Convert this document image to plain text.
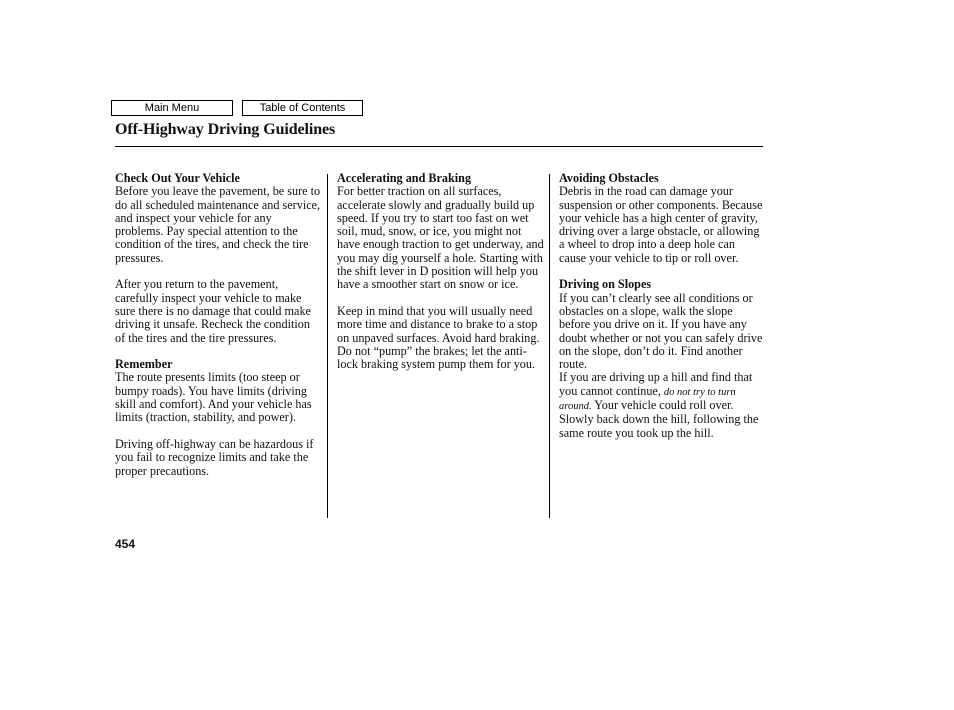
Main Menu	Table of Contents
Off-Highway Driving Guidelines
Check Out Your Vehicle

Before you leave the pavement, be sure to do all scheduled maintenance and service, and inspect your vehicle for any problems. Pay special attention to the condition of the tires, and check the tire pressures.

After you return to the pavement, carefully inspect your vehicle to make sure there is no damage that could make driving it unsafe. Recheck the condition of the tires and the tire pressures.

Remember

The route presents limits (too steep or bumpy roads). You have limits (driving skill and comfort). And your vehicle has limits (traction, stability, and power).

Driving off-highway can be hazardous if you fail to recognize limits and take the proper precautions.

Accelerating and Braking

For better traction on all surfaces, accelerate slowly and gradually build up speed. If you try to start too fast on wet soil, mud, snow, or ice, you might not have enough traction to get underway, and you may dig yourself a hole. Starting with the shift lever in D position will help you have a smoother start on snow or ice.

Keep in mind that you will usually need more time and distance to brake to a stop on unpaved surfaces. Avoid hard braking. Do not “pump” the brakes; let the anti-lock braking system pump them for you.

Avoiding Obstacles

Debris in the road can damage your suspension or other components. Because your vehicle has a high center of gravity, driving over a large obstacle, or allowing a wheel to drop into a deep hole can cause your vehicle to tip or roll over.

Driving on Slopes

If you can’t clearly see all conditions or obstacles on a slope, walk the slope before you drive on it. If you have any doubt whether or not you can safely drive on the slope, don’t do it. Find another route.

If you are driving up a hill and find that you cannot continue, do not try to turn around. Your vehicle could roll over. Slowly back down the hill, following the same route you took up the hill.

454
